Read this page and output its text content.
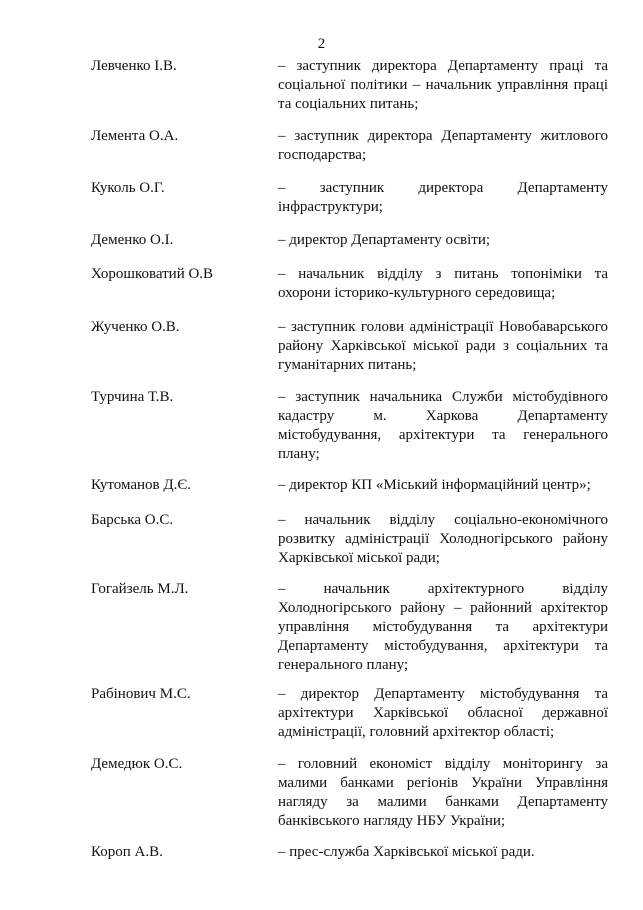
2
Левченко І.В.	– заступник директора Департаменту праці та соціальної політики – начальник управління праці та соціальних питань;
Лемента О.А.	– заступник директора Департаменту житлового господарства;
Куколь О.Г.	– заступник директора Департаменту інфраструктури;
Деменко О.І.	– директор Департаменту освіти;
Хорошковатий О.В	– начальник відділу з питань топоніміки та охорони історико-культурного середовища;
Жученко О.В.	– заступник голови адміністрації Новобаварського району Харківської міської ради з соціальних та гуманітарних питань;
Турчина Т.В.	– заступник начальника Служби містобудівного кадастру м. Харкова Департаменту містобудування, архітектури та генерального плану;
Кутоманов Д.Є.	– директор КП «Міський інформаційний центр»;
Барська О.С.	– начальник відділу соціально-економічного розвитку адміністрації Холодногірського району Харківської міської ради;
Гогайзель М.Л.	– начальник архітектурного відділу Холодногірського району – районний архітектор управління містобудування та архітектури Департаменту містобудування, архітектури та генерального плану;
Рабінович М.С.	– директор Департаменту містобудування та архітектури Харківської обласної державної адміністрації, головний архітектор області;
Демедюк О.С.	– головний економіст відділу моніторингу за малими банками регіонів України Управління нагляду за малими банками Департаменту банківського нагляду НБУ України;
Короп А.В.	– прес-служба Харківської міської ради.
